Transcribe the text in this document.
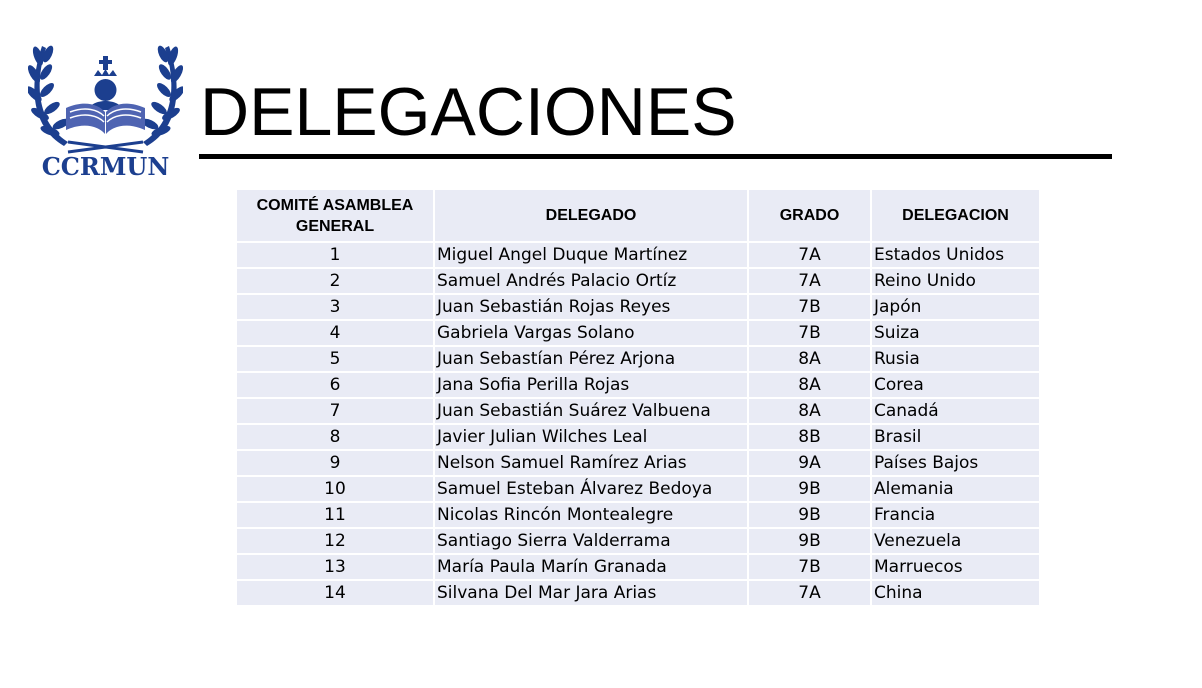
CCRMUN
DELEGACIONES
COMITÉ ASAMBLEA GENERAL	DELEGADO	GRADO	DELEGACION
1	Miguel Angel Duque Martínez	7A	Estados Unidos
2	Samuel Andrés Palacio Ortíz	7A	Reino Unido
3	Juan Sebastián Rojas Reyes	7B	Japón
4	Gabriela Vargas Solano	7B	Suiza
5	Juan Sebastían Pérez Arjona	8A	Rusia
6	Jana Sofia Perilla Rojas	8A	Corea
7	Juan Sebastián Suárez Valbuena	8A	Canadá
8	Javier Julian Wilches Leal	8B	Brasil
9	Nelson Samuel Ramírez Arias	9A	Países Bajos
10	Samuel Esteban Álvarez Bedoya	9B	Alemania
11	Nicolas Rincón Montealegre	9B	Francia
12	Santiago Sierra Valderrama	9B	Venezuela
13	María Paula Marín Granada	7B	Marruecos
14	Silvana Del Mar Jara Arias	7A	China
